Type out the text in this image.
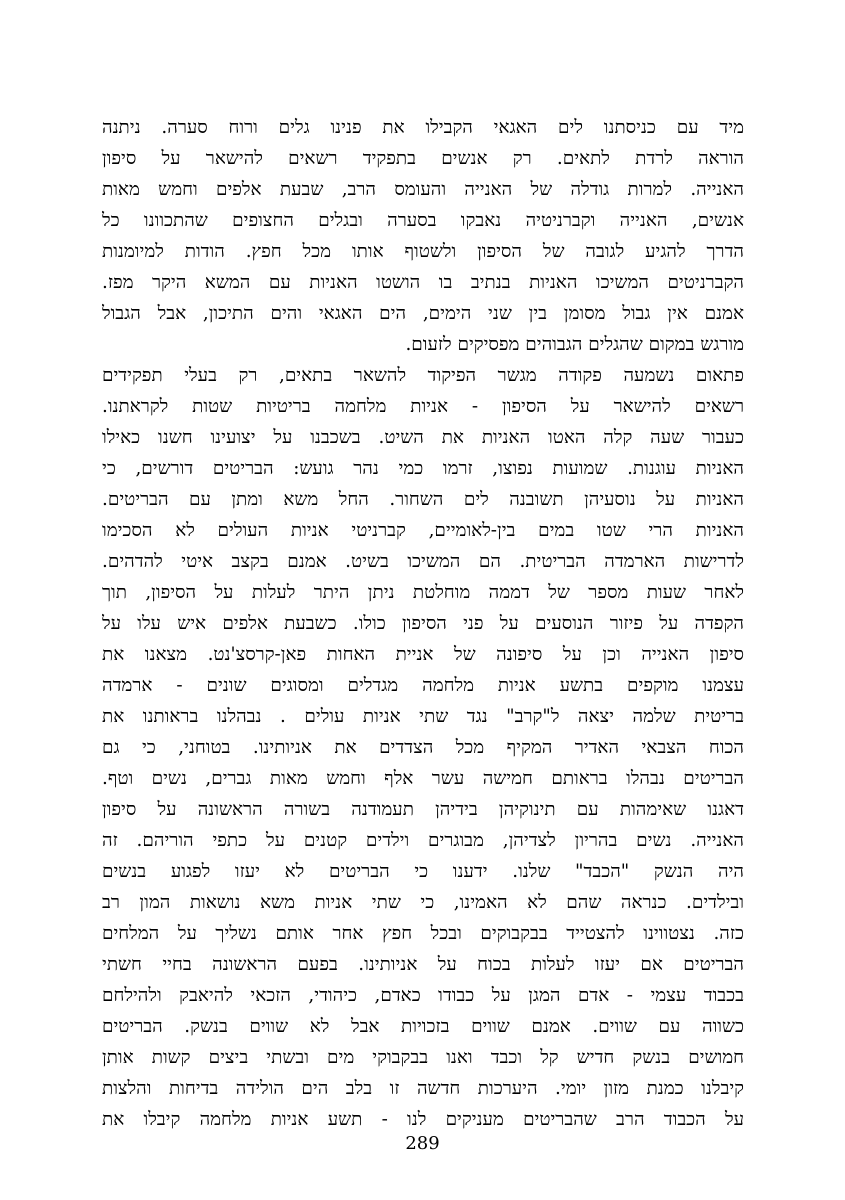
מיד עם כניסתנו לים האגאי הקבילו את פנינו גלים ורוח סערה. ניתנה
הוראה לרדת לתאים. רק אנשים בתפקיד רשאים להישאר על סיפון
האנייה. למרות גודלה של האנייה והעומס הרב, שבעת אלפים וחמש מאות
אנשים, האנייה וקברניטיה נאבקו בסערה ובגלים החצופים שהתכוונו כל
הדרך להגיע לגובה של הסיפון ולשטוף אותו מכל חפץ. הודות למיומנות
הקברניטים המשיכו האניות בנתיב בו הושטו האניות עם המשא היקר מפז.
אמנם אין גבול מסומן בין שני הימים, הים האגאי והים התיכון, אבל הגבול
מורגש במקום שהגלים הגבוהים מפסיקים לזעום.
פתאום נשמעה פקודה מגשר הפיקוד להשאר בתאים, רק בעלי תפקידים
רשאים להישאר על הסיפון - אניות מלחמה בריטיות שטות לקראתנו.
כעבור שעה קלה האטו האניות את השיט. בשכבנו על יצועינו חשנו כאילו
האניות עוגנות. שמועות נפוצו, זרמו כמי נהר גועש: הבריטים דורשים, כי
האניות על נוסעיהן תשובנה לים השחור. החל משא ומתן עם הבריטים.
האניות הרי שטו במים בין-לאומיים, קברניטי אניות העולים לא הסכימו
לדרישות הארמדה הבריטית. הם המשיכו בשיט. אמנם בקצב איטי להדהים.
לאחר שעות מספר של דממה מוחלטת ניתן היתר לעלות על הסיפון, תוך
הקפדה על פיזור הנוסעים על פני הסיפון כולו. כשבעת אלפים איש עלו על
סיפון האנייה וכן על סיפונה של אניית האחות פאן-קרסצ'נט. מצאנו את
עצמנו מוקפים בתשע אניות מלחמה מגדלים ומסוגים שונים - ארמדה
בריטית שלמה יצאה ל"קרב" נגד שתי אניות עולים . נבהלנו בראותנו את
הכוח הצבאי האדיר המקיף מכל הצדדים את אניותינו. בטוחני, כי גם
הבריטים נבהלו בראותם חמישה עשר אלף וחמש מאות גברים, נשים וטף.
דאגנו שאימהות עם תינוקיהן בידיהן תעמודנה בשורה הראשונה על סיפון
האנייה. נשים בהריון לצדיהן, מבוגרים וילדים קטנים על כתפי הוריהם. זה
היה הנשק "הכבד" שלנו. ידענו כי הבריטים לא יעזו לפגוע בנשים
ובילדים. כנראה שהם לא האמינו, כי שתי אניות משא נושאות המון רב
כזה. נצטווינו להצטייד בבקבוקים ובכל חפץ אחר אותם נשליך על המלחים
הבריטים אם יעזו לעלות בכוח על אניותינו. בפעם הראשונה בחיי חשתי
בכבוד עצמי - אדם המגן על כבודו כאדם, כיהודי, הזכאי להיאבק ולהילחם
כשווה עם שווים. אמנם שווים בזכויות אבל לא שווים בנשק. הבריטים
חמושים בנשק חדיש קל וכבד ואנו בבקבוקי מים ובשתי ביצים קשות אותן
קיבלנו כמנת מזון יומי. היערכות חדשה זו בלב הים הולידה בדיחות והלצות
על הכבוד הרב שהבריטים מעניקים לנו - תשע אניות מלחמה קיבלו את
289
